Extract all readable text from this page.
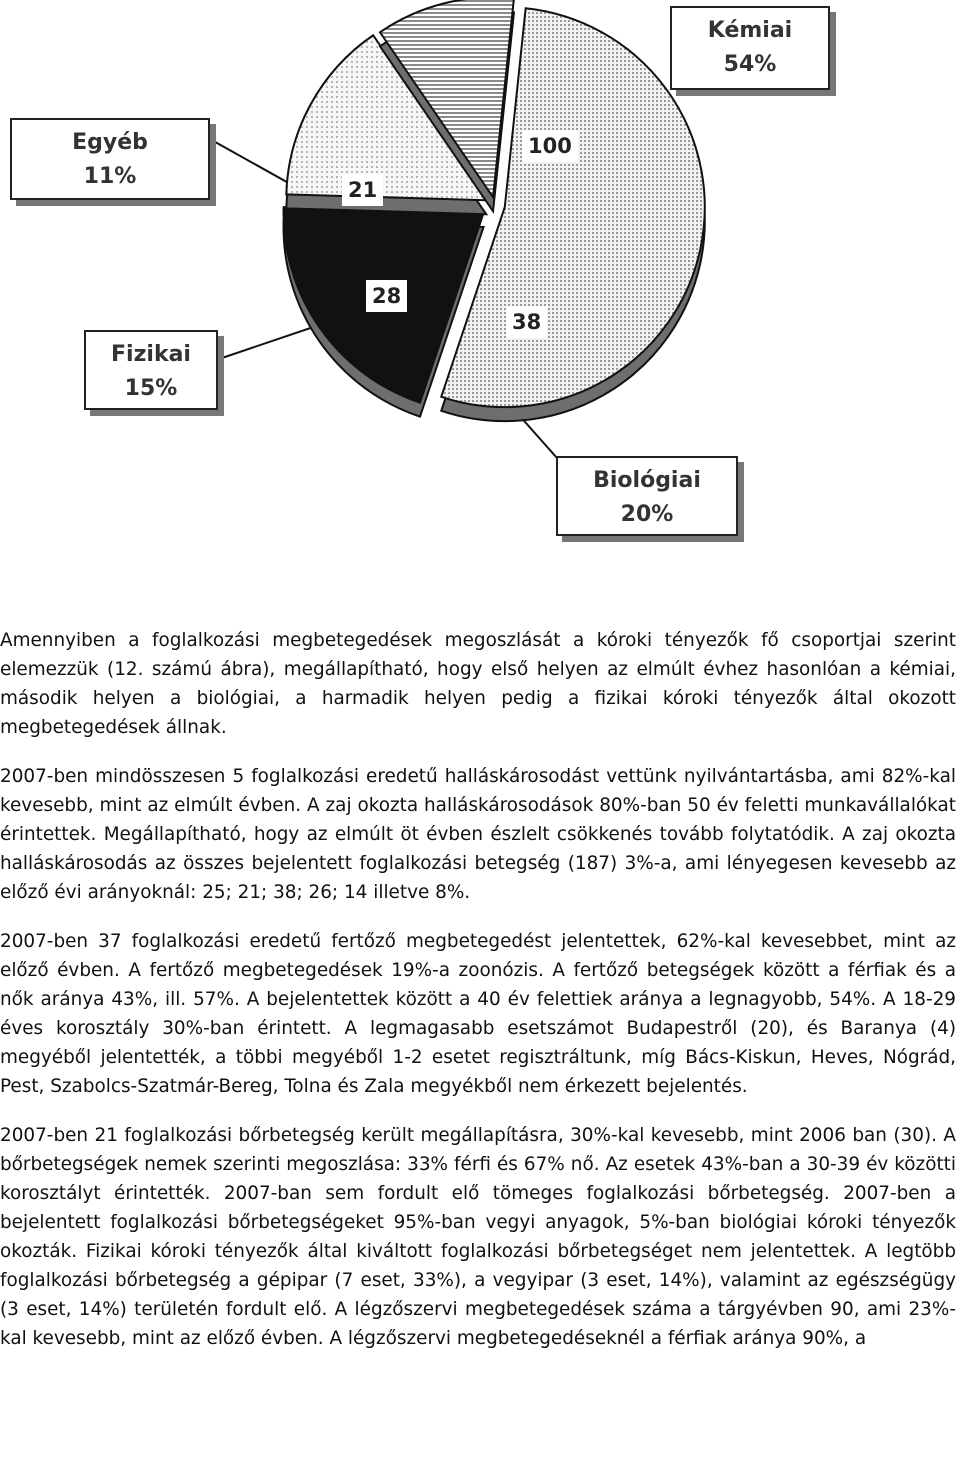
Kémiai
54%
Egyéb
11%
Fizikai
15%
Biológiai
20%
100
38
28
21

Amennyiben a foglalkozási megbetegedések megoszlását a kóroki tényezők fő csoportjai szerint elemezzük (12. számú ábra), megállapítható, hogy első helyen az elmúlt évhez hasonlóan a kémiai, második helyen a biológiai, a harmadik helyen pedig a fizikai kóroki tényezők által okozott megbetegedések állnak.

2007-ben mindösszesen 5 foglalkozási eredetű halláskárosodást vettünk nyilvántartásba, ami 82%-kal kevesebb, mint az elmúlt évben. A zaj okozta halláskárosodások 80%-ban 50 év feletti munkavállalókat érintettek. Megállapítható, hogy az elmúlt öt évben észlelt csökkenés tovább folytatódik. A zaj okozta halláskárosodás az összes bejelentett foglalkozási betegség (187) 3%-a, ami lényegesen kevesebb az előző évi arányoknál: 25; 21; 38; 26; 14 illetve 8%.

2007-ben 37 foglalkozási eredetű fertőző megbetegedést jelentettek, 62%-kal kevesebbet, mint az előző évben. A fertőző megbetegedések 19%-a zoonózis. A fertőző betegségek között a férfiak és a nők aránya 43%, ill. 57%. A bejelentettek között a 40 év felettiek aránya a legnagyobb, 54%. A 18-29 éves korosztály 30%-ban érintett. A legmagasabb esetszámot Budapestről (20), és Baranya (4) megyéből jelentették, a többi megyéből 1-2 esetet regisztráltunk, míg Bács-Kiskun, Heves, Nógrád, Pest, Szabolcs-Szatmár-Bereg, Tolna és Zala megyékből nem érkezett bejelentés.

2007-ben 21 foglalkozási bőrbetegség került megállapításra, 30%-kal kevesebb, mint 2006 ban (30). A bőrbetegségek nemek szerinti megoszlása: 33% férfi és 67% nő. Az esetek 43%-ban a 30-39 év közötti korosztályt érintették. 2007-ban sem fordult elő tömeges foglalkozási bőrbetegség. 2007-ben a bejelentett foglalkozási bőrbetegségeket 95%-ban vegyi anyagok, 5%-ban biológiai kóroki tényezők okozták. Fizikai kóroki tényezők által kiváltott foglalkozási bőrbetegséget nem jelentettek. A legtöbb foglalkozási bőrbetegség a gépipar (7 eset, 33%), a vegyipar (3 eset, 14%), valamint az egészségügy (3 eset, 14%) területén fordult elő. A légzőszervi megbetegedések száma a tárgyévben 90, ami 23%-kal kevesebb, mint az előző évben. A légzőszervi megbetegedéseknél a férfiak aránya 90%, a
